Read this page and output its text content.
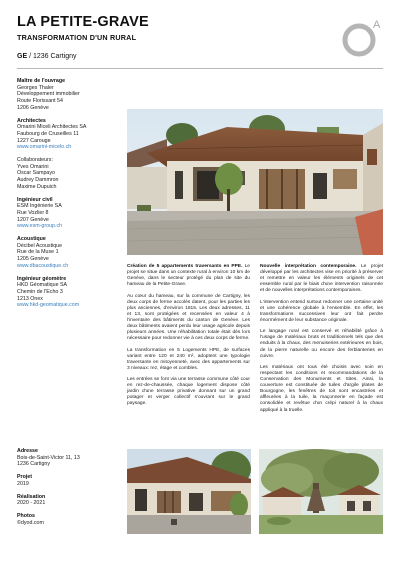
LA PETITE-GRAVE
TRANSFORMATION D'UN RURAL
GE / 1236 Cartigny
A
Maître de l'ouvrage
Georges Thaler
Développement immobilier
Route Florissant 54
1206 Genève
Architectes
Omarini Miceli Architectes SA
Faubourg de Cruseilles 11
1227 Carouge
www.omarini-micelo.ch
Collaborateurs:
Yves Omarini
Oscar Sampayo
Audrey Dammron
Maxime Dupuich
Ingénieur civil
ESM Ingénierie SA
Rue Vozlier 8
1207 Genève
www.esm-group.ch
Acoustique
Décibel Acoustique
Rue de la Muse 1
1205 Genève
www.dbacoustique.ch
Ingénieur géomètre
HKD Géomatique SA
Chemin de l'Echo 3
1213 Onex
www.hkd-geomatique.com
Adresse
Bois-de-Saint-Victor 11, 13
1236 Cartigny
Projet
2019
Réalisation
2020 - 2021
Photos
©dyod.com

Création de 5 appartements traversants en PPE. Le projet se situe dans un contexte rural à environ 10 km de Genève, dans le secteur protégé du plan de site du hameau de la Petite-Grave.

Au cœur du hameau, sur la commune de Cartigny, les deux corps de ferme accolés datent, pour les parties les plus anciennes, d'environ 1815. Les deux adresses, 11 et 13, sont protégées et recensées en valeur 4 à l'inventaire des bâtiments du canton de Genève. Les deux bâtiments avaient perdu leur usage agricole depuis plusieurs années. Une réhabilitation totale était dès lors nécessaire pour redonner vie à ces deux corps de ferme.

La transformation en 5 Logements HPE, de surfaces variant entre 120 et 240 m², adoptent une typologie traversante en mitoyenneté, avec des appartements sur 3 niveaux: rez, étage et combles.

Les entrées se font via une terrasse commune côté cour en rez-de-chaussée, chaque logement dispose côté jardin d'une terrasse privative donnant sur un grand potager et verger collectif s'ouvrant sur le grand paysage.

Nouvelle interprétation contemporaine. Le projet développé par les architectes vise en priorité à préserver et remettre en valeur les éléments originels de cet ensemble rural par le biais d'une intervention raisonnée et de nouvelles interprétations contemporaines.

L'intervention entend surtout redonner une certaine unité et une cohérence globale à l'ensemble. En effet, les transformations successives leur ont fait perdre énormément de leur substance originale.

Le langage rural est conservé et réhabilité grâce à l'usage de matériaux bruts et traditionnels tels que des enduits à la chaux, des menuiseries extérieures en bois, de la pierre naturelle ou encore des ferblanteries en cuivre.

Les matériaux ont tous été choisis avec soin en respectant les conditions et recommandations de la Conservation des Monuments et Sites. Ainsi, la couverture est constituée de tuiles d'argile plates de Bourgogne, les fenêtres de toit sont encastrées et affleurées à la tuile, la maçonnerie en façade est consolidée et revêtue d'un crépi naturel à la chaux appliqué à la truelle.
